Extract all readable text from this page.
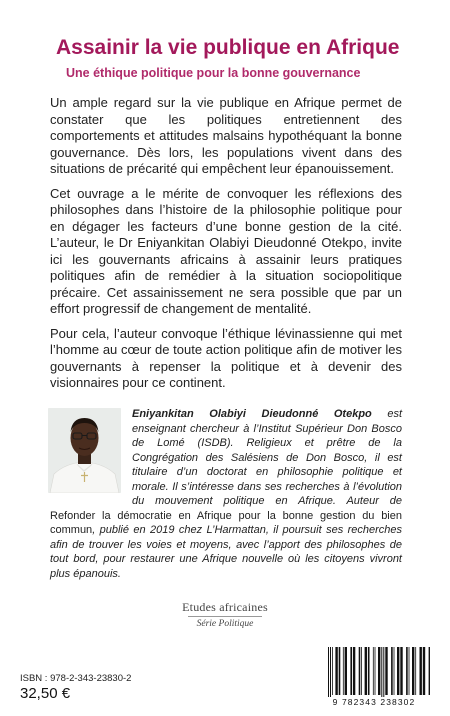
Assainir la vie publique en Afrique
Une éthique politique pour la bonne gouvernance

Un ample regard sur la vie publique en Afrique permet de constater que les politiques entretiennent des comportements et attitudes malsains hypothéquant la bonne gouvernance. Dès lors, les populations vivent dans des situations de précarité qui empêchent leur épanouissement.

Cet ouvrage a le mérite de convoquer les réflexions des philosophes dans l’histoire de la philosophie politique pour en dégager les facteurs d’une bonne gestion de la cité. L’auteur, le Dr Eniyankitan Olabiyi Dieudonné Otekpo, invite ici les gouvernants africains à assainir leurs pratiques politiques afin de remédier à la situation sociopolitique précaire. Cet assainissement ne sera possible que par un effort progressif de changement de mentalité.

Pour cela, l’auteur convoque l’éthique lévinassienne qui met l’homme au cœur de toute action politique afin de motiver les gouvernants à repenser la politique et à devenir des visionnaires pour ce continent.

Eniyankitan Olabiyi Dieudonné Otekpo est enseignant chercheur à l’Institut Supérieur Don Bosco de Lomé (ISDB). Religieux et prêtre de la Congrégation des Salésiens de Don Bosco, il est titulaire d’un doctorat en philosophie politique et morale. Il s’intéresse dans ses recherches à l’évolution du mouvement politique en Afrique. Auteur de Refonder la démocratie en Afrique pour la bonne gestion du bien commun, publié en 2019 chez L’Harmattan, il poursuit ses recherches afin de trouver les voies et moyens, avec l’apport des philosophes de tout bord, pour restaurer une Afrique nouvelle où les citoyens vivront plus épanouis.
Etudes africaines
Série Politique
ISBN : 978-2-343-23830-2
32,50 €	9 782343 238302
